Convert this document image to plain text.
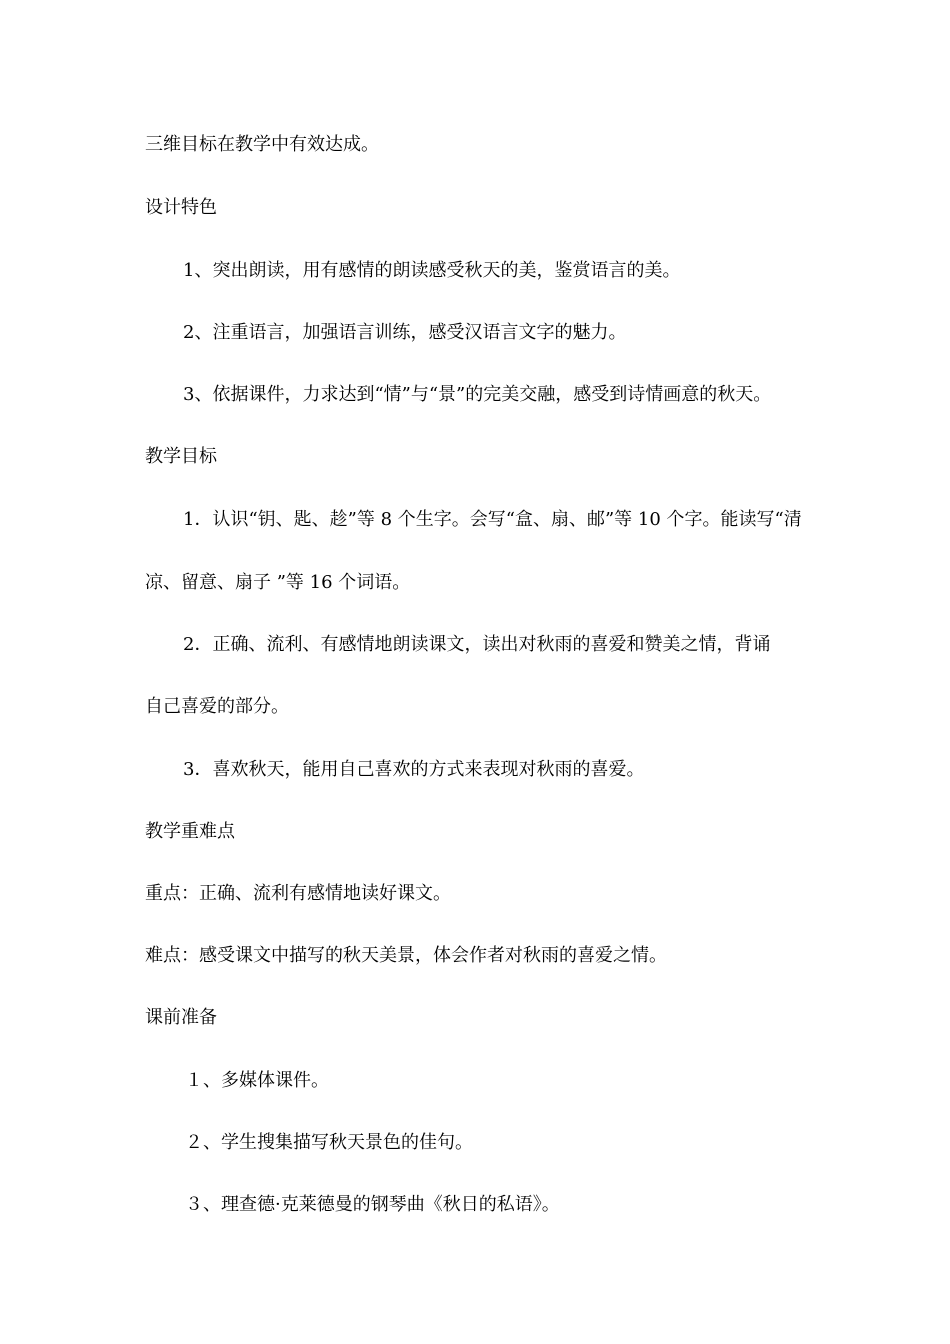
三维目标在教学中有效达成。
设计特色
1、突出朗读，用有感情的朗读感受秋天的美，鉴赏语言的美。
2、注重语言，加强语言训练，感受汉语言文字的魅力。
3、依据课件，力求达到“情”与“景”的完美交融，感受到诗情画意的秋天。
教学目标
1．认识“钥、匙、趁”等 8 个生字。会写“盒、扇、邮”等 10 个字。能读写“清
凉、留意、扇子 ”等 16 个词语。
2．正确、流利、有感情地朗读课文，读出对秋雨的喜爱和赞美之情，背诵
自己喜爱的部分。
3．喜欢秋天，能用自己喜欢的方式来表现对秋雨的喜爱。
教学重难点
重点：正确、流利有感情地读好课文。
难点：感受课文中描写的秋天美景，体会作者对秋雨的喜爱之情。
课前准备
１、多媒体课件。
２、学生搜集描写秋天景色的佳句。
３、理查德·克莱德曼的钢琴曲《秋日的私语》。
